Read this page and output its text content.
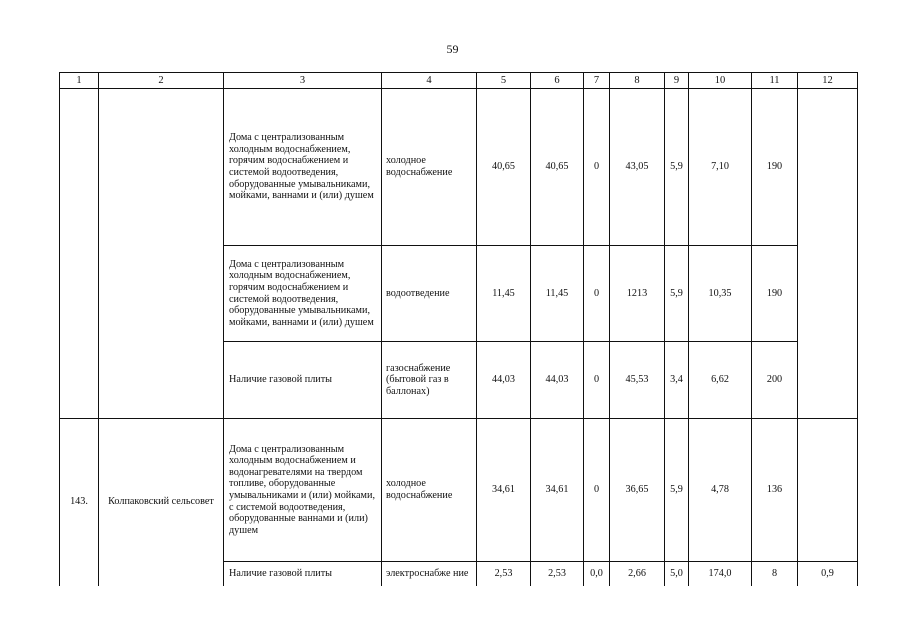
59
1	2	3	4	5	6	7	8	9	10	11	12
		Дома с централизованным холодным водоснабжением, горячим водоснабжением и системой водоотведения, оборудованные умывальниками, мойками, ваннами и (или) душем	холодное водоснабжение	40,65	40,65	0	43,05	5,9	7,10	190	
		Дома с централизованным холодным водоснабжением, горячим водоснабжением и системой водоотведения, оборудованные умывальниками, мойками, ваннами и (или) душем	водоотведение	11,45	11,45	0	1213	5,9	10,35	190	
		Наличие газовой плиты	газоснабжение (бытовой газ в баллонах)	44,03	44,03	0	45,53	3,4	6,62	200	
143.	Колпаковский сельсовет	Дома с централизованным холодным водоснабжением и водонагревателями на твердом топливе, оборудованные умывальниками и (или) мойками, с системой водоотведения, оборудованные ваннами и (или) душем	холодное водоснабжение	34,61	34,61	0	36,65	5,9	4,78	136	
		Наличие газовой плиты	электроснабже ние	2,53	2,53	0,0	2,66	5,0	174,0	8	0,9
